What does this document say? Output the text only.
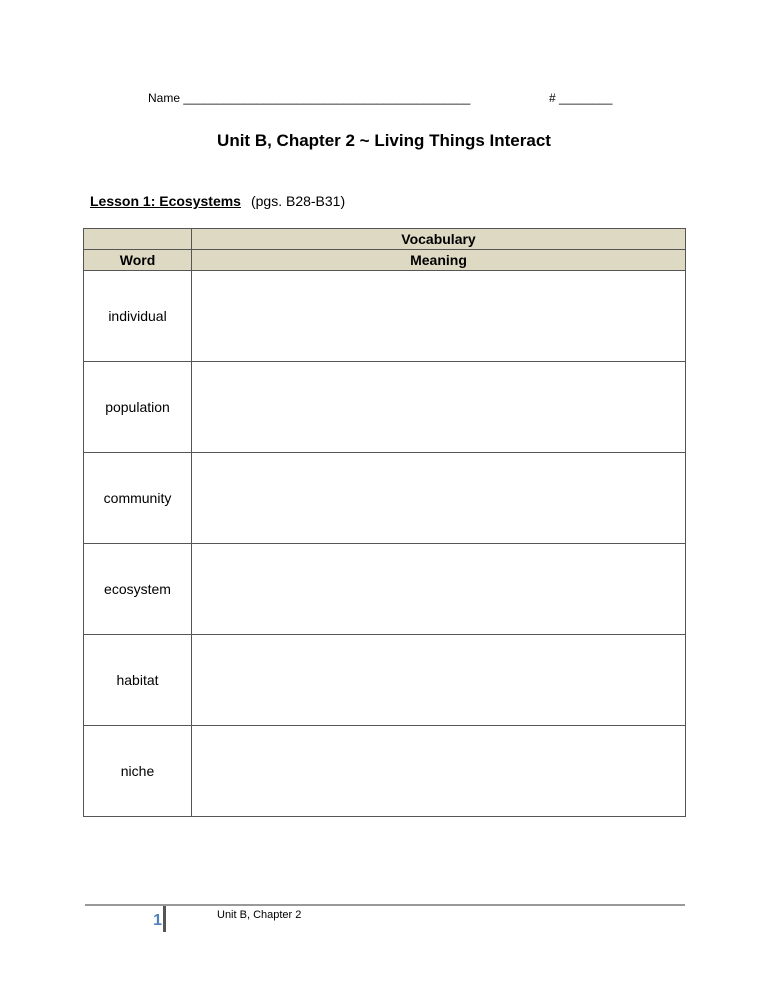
Name ___________________________________________	# ________
Unit B, Chapter 2 ~ Living Things Interact
Lesson 1: Ecosystems (pgs. B28-B31)
	Vocabulary
Word	Meaning
individual	
population	
community	
ecosystem	
habitat	
niche	
1	Unit B, Chapter 2
